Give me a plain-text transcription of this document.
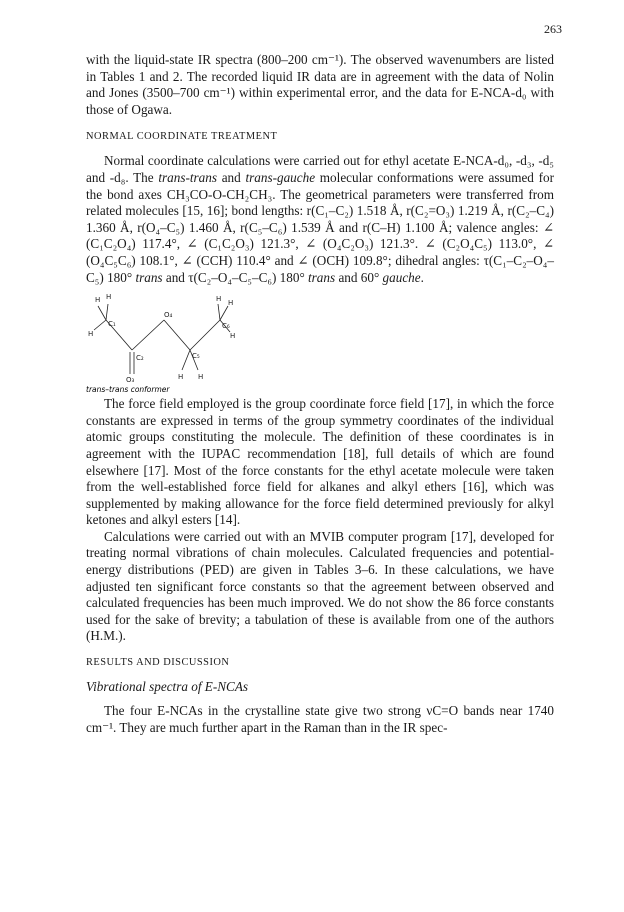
263

with the liquid-state IR spectra (800–200 cm⁻¹). The observed wavenumbers are listed in Tables 1 and 2. The recorded liquid IR data are in agreement with the data of Nolin and Jones (3500–700 cm⁻¹) within experimental error, and the data for E-NCA-d₀ with those of Ogawa.

NORMAL COORDINATE TREATMENT

Normal coordinate calculations were carried out for ethyl acetate E-NCA-d₀, -d₃, -d₅ and -d₈. The trans-trans and trans-gauche molecular conformations were assumed for the bond axes CH₃CO-O-CH₂CH₃. The geometrical parameters were transferred from related molecules [15, 16]; bond lengths: r(C₁–C₂) 1.518 Å, r(C₂=O₃) 1.219 Å, r(C₂–C₄) 1.360 Å, r(O₄–C₅) 1.460 Å, r(C₅–C₆) 1.539 Å and r(C–H) 1.100 Å; valence angles: ∠ (C₁C₂O₄) 117.4°, ∠ (C₁C₂O₃) 121.3°, ∠ (O₄C₂O₃) 121.3°. ∠ (C₂O₄C₅) 113.0°, ∠ (O₄C₅C₆) 108.1°, ∠ (CCH) 110.4° and ∠ (OCH) 109.8°; dihedral angles: τ(C₁–C₂–O₄–C₅) 180° trans and τ(C₂–O₄–C₅–C₆) 180° trans and 60° gauche.

H H
H
C₁
O₄
H H
C₆
H
C₂	C₅
O₃	H H
trans–trans conformer

The force field employed is the group coordinate force field [17], in which the force constants are expressed in terms of the group symmetry coordinates of the individual atomic groups constituting the molecule. The definition of these coordinates is in agreement with the IUPAC recommendation [18], full details of which are found elsewhere [17]. Most of the force constants for the ethyl acetate molecule were taken from the well-established force field for alkanes and alkyl ethers [16], which was supplemented by making allowance for the force field determined previously for alkyl ketones and alkyl esters [14].

Calculations were carried out with an MVIB computer program [17], developed for treating normal vibrations of chain molecules. Calculated frequencies and potential-energy distributions (PED) are given in Tables 3–6. In these calculations, we have adjusted ten significant force constants so that the agreement between observed and calculated frequencies has been much improved. We do not show the 86 force constants used for the sake of brevity; a tabulation of these is available from one of the authors (H.M.).

RESULTS AND DISCUSSION

Vibrational spectra of E-NCAs

The four E-NCAs in the crystalline state give two strong νC=O bands near 1740 cm⁻¹. They are much further apart in the Raman than in the IR spec-
